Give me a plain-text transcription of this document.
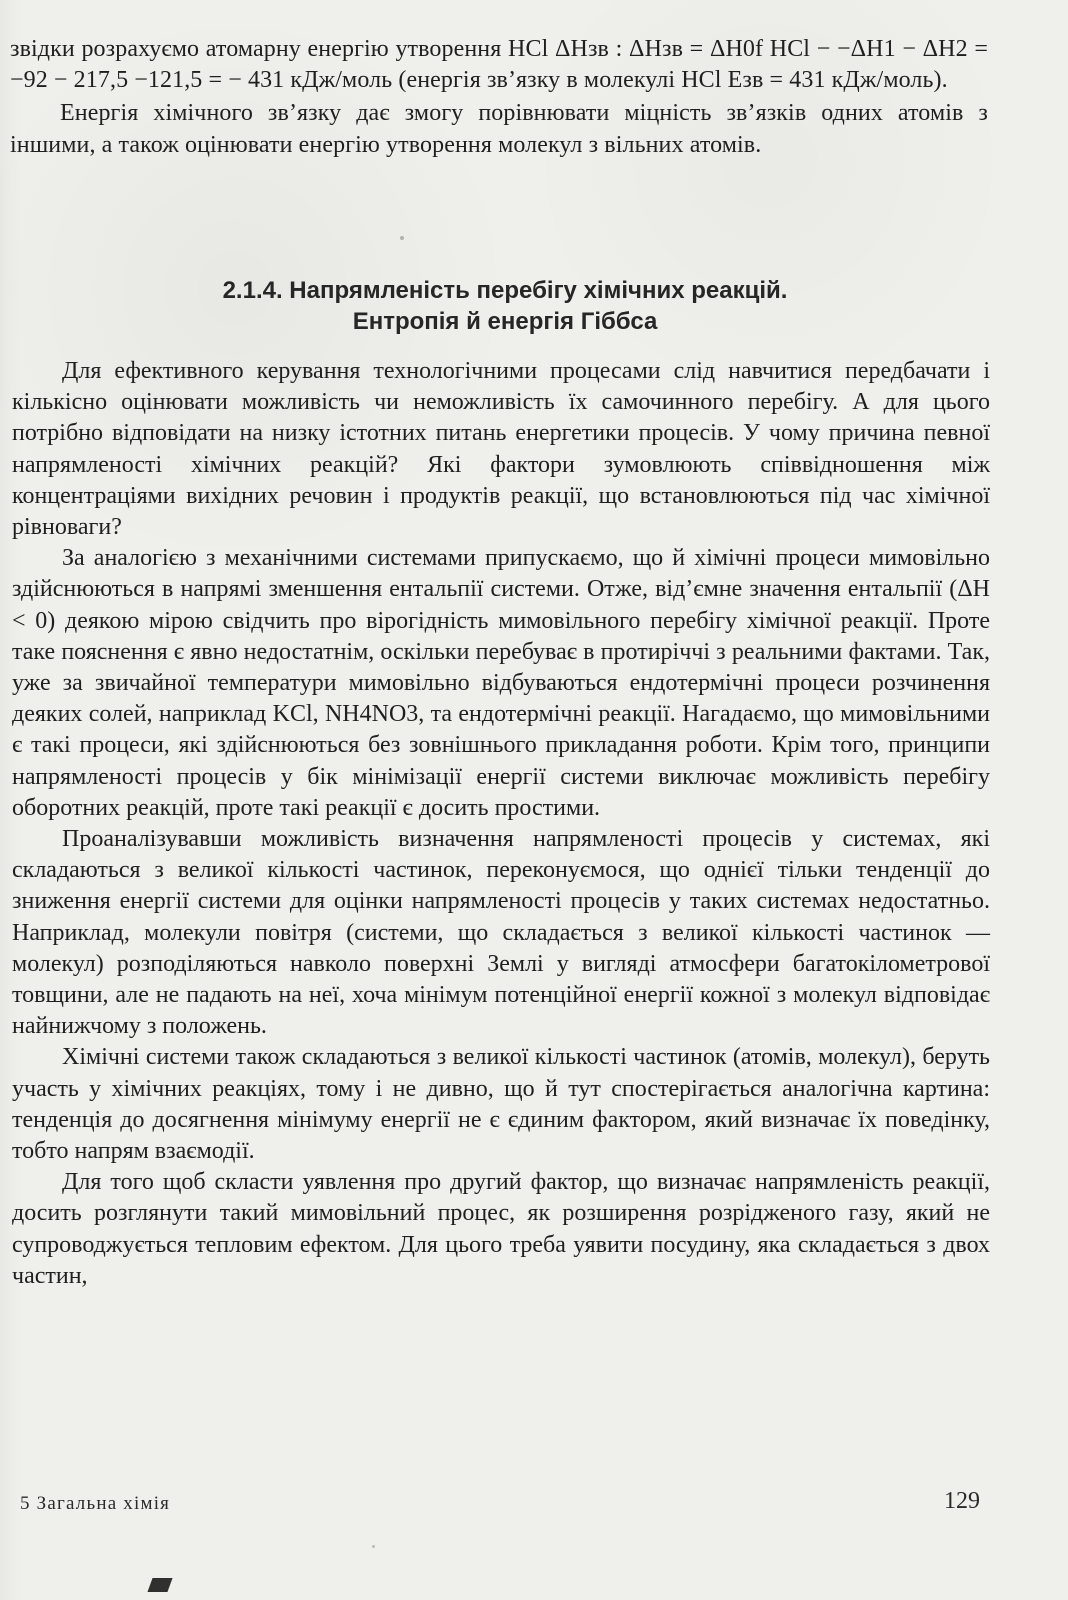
звідки розрахуємо атомарну енергію утворення HCl ΔHзв : ΔHзв = ΔH0f HCl − −ΔH1 − ΔH2 = −92 − 217,5 −121,5 = − 431 кДж/моль (енергія зв’язку в молекулі HCl Eзв = 431 кДж/моль).

Енергія хімічного зв’язку дає змогу порівнювати міцність зв’язків одних атомів з іншими, а також оцінювати енергію утворення молекул з вільних атомів.

2.1.4. Напрямленість перебігу хімічних реакцій.
Ентропія й енергія Гіббса

Для ефективного керування технологічними процесами слід навчитися передбачати і кількісно оцінювати можливість чи неможливість їх самочинного перебігу. А для цього потрібно відповідати на низку істотних питань енергетики процесів. У чому причина певної напрямленості хімічних реакцій? Які фактори зумовлюють співвідношення між концентраціями вихідних речовин і продуктів реакції, що встановлюються під час хімічної рівноваги?

За аналогією з механічними системами припускаємо, що й хімічні процеси мимовільно здійснюються в напрямі зменшення ентальпії системи. Отже, від’ємне значення ентальпії (ΔH < 0) деякою мірою свідчить про вірогідність мимовільного перебігу хімічної реакції. Проте таке пояснення є явно недостатнім, оскільки перебуває в протиріччі з реальними фактами. Так, уже за звичайної температури мимовільно відбуваються ендотермічні процеси розчинення деяких солей, наприклад KCl, NH4NO3, та ендотермічні реакції. Нагадаємо, що мимовільними є такі процеси, які здійснюються без зовнішнього прикладання роботи. Крім того, принципи напрямленості процесів у бік мінімізації енергії системи виключає можливість перебігу оборотних реакцій, проте такі реакції є досить простими.

Проаналізувавши можливість визначення напрямленості процесів у системах, які складаються з великої кількості частинок, переконуємося, що однієї тільки тенденції до зниження енергії системи для оцінки напрямленості процесів у таких системах недостатньо. Наприклад, молекули повітря (системи, що складається з великої кількості частинок — молекул) розподіляються навколо поверхні Землі у вигляді атмосфери багатокілометрової товщини, але не падають на неї, хоча мінімум потенційної енергії кожної з молекул відповідає найнижчому з положень.

Хімічні системи також складаються з великої кількості частинок (атомів, молекул), беруть участь у хімічних реакціях, тому і не дивно, що й тут спостерігається аналогічна картина: тенденція до досягнення мінімуму енергії не є єдиним фактором, який визначає їх поведінку, тобто напрям взаємодії.

Для того щоб скласти уявлення про другий фактор, що визначає напрямленість реакції, досить розглянути такий мимовільний процес, як розширення розрідженого газу, який не супроводжується тепловим ефектом. Для цього треба уявити посудину, яка складається з двох частин,

5 Загальна хімія	129
